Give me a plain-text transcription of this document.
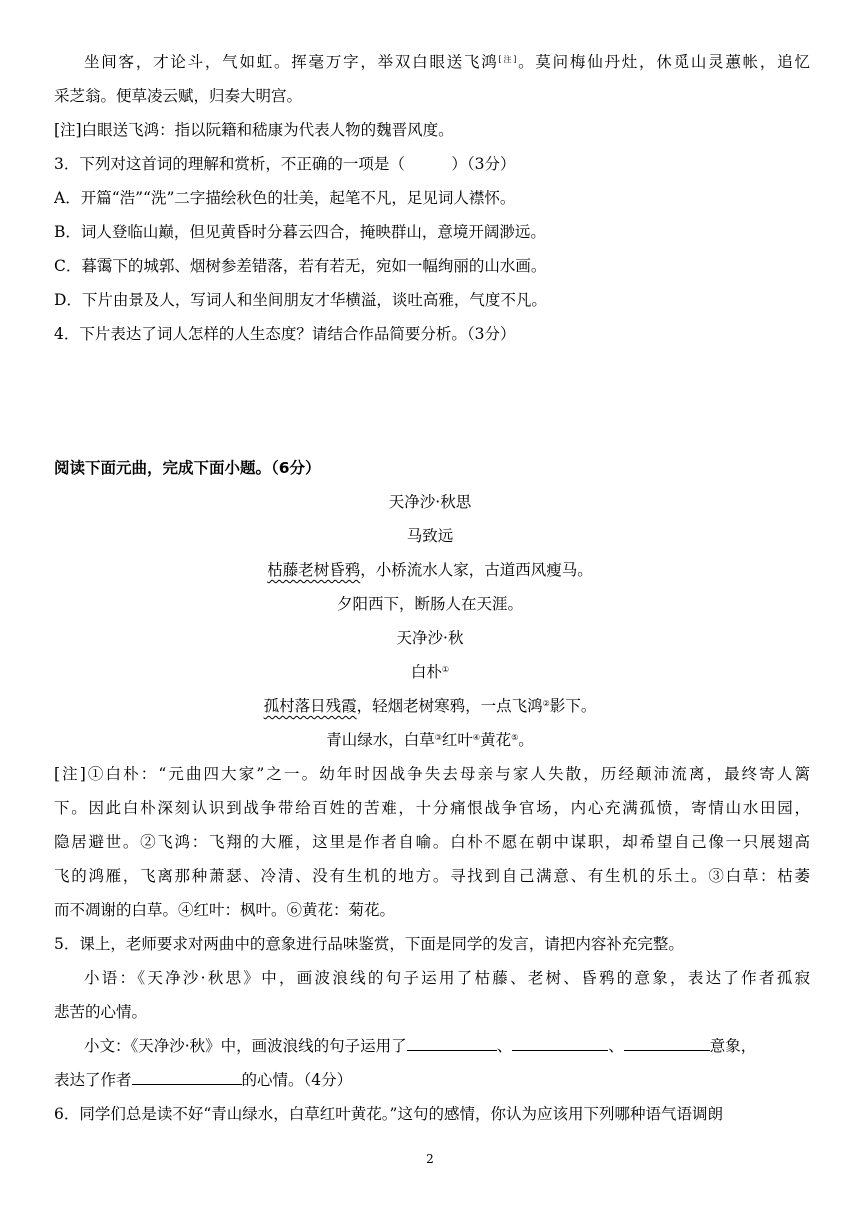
坐间客，才论斗，气如虹。挥毫万字，举双白眼送飞鸿[注]。莫问梅仙丹灶，休觅山灵蕙帐，追忆
采芝翁。便草凌云赋，归奏大明宫。
[注]白眼送飞鸿：指以阮籍和嵇康为代表人物的魏晋风度。
3．下列对这首词的理解和赏析，不正确的一项是（　　　）（3分）
A．开篇“浩”“洗”二字描绘秋色的壮美，起笔不凡，足见词人襟怀。
B．词人登临山巅，但见黄昏时分暮云四合，掩映群山，意境开阔渺远。
C．暮霭下的城郭、烟树参差错落，若有若无，宛如一幅绚丽的山水画。
D．下片由景及人，写词人和坐间朋友才华横溢，谈吐高雅，气度不凡。
4．下片表达了词人怎样的人生态度？请结合作品简要分析。（3分）
阅读下面元曲，完成下面小题。（6分）
天净沙·秋思
马致远
枯藤老树昏鸦，小桥流水人家，古道西风瘦马。
夕阳西下，断肠人在天涯。
天净沙·秋
白朴①
孤村落日残霞，轻烟老树寒鸦，一点飞鸿②影下。
青山绿水，白草③红叶④黄花⑤。
[注]①白朴：“元曲四大家”之一。幼年时因战争失去母亲与家人失散，历经颠沛流离，最终寄人篱
下。因此白朴深刻认识到战争带给百姓的苦难，十分痛恨战争官场，内心充满孤愤，寄情山水田园，
隐居避世。②飞鸿：飞翔的大雁，这里是作者自喻。白朴不愿在朝中谋职，却希望自己像一只展翅高
飞的鸿雁，飞离那种萧瑟、冷清、没有生机的地方。寻找到自己满意、有生机的乐土。③白草：枯萎
而不凋谢的白草。④红叶：枫叶。⑥黄花：菊花。
5．课上，老师要求对两曲中的意象进行品味鉴赏，下面是同学的发言，请把内容补充完整。
小语：《天净沙·秋思》中，画波浪线的句子运用了枯藤、老树、昏鸦的意象，表达了作者孤寂
悲苦的心情。
小文：《天净沙·秋》中，画波浪线的句子运用了	、	、	意象，
表达了作者	的心情。（4分）
6．同学们总是读不好“青山绿水，白草红叶黄花。”这句的感情，你认为应该用下列哪种语气语调朗
2
